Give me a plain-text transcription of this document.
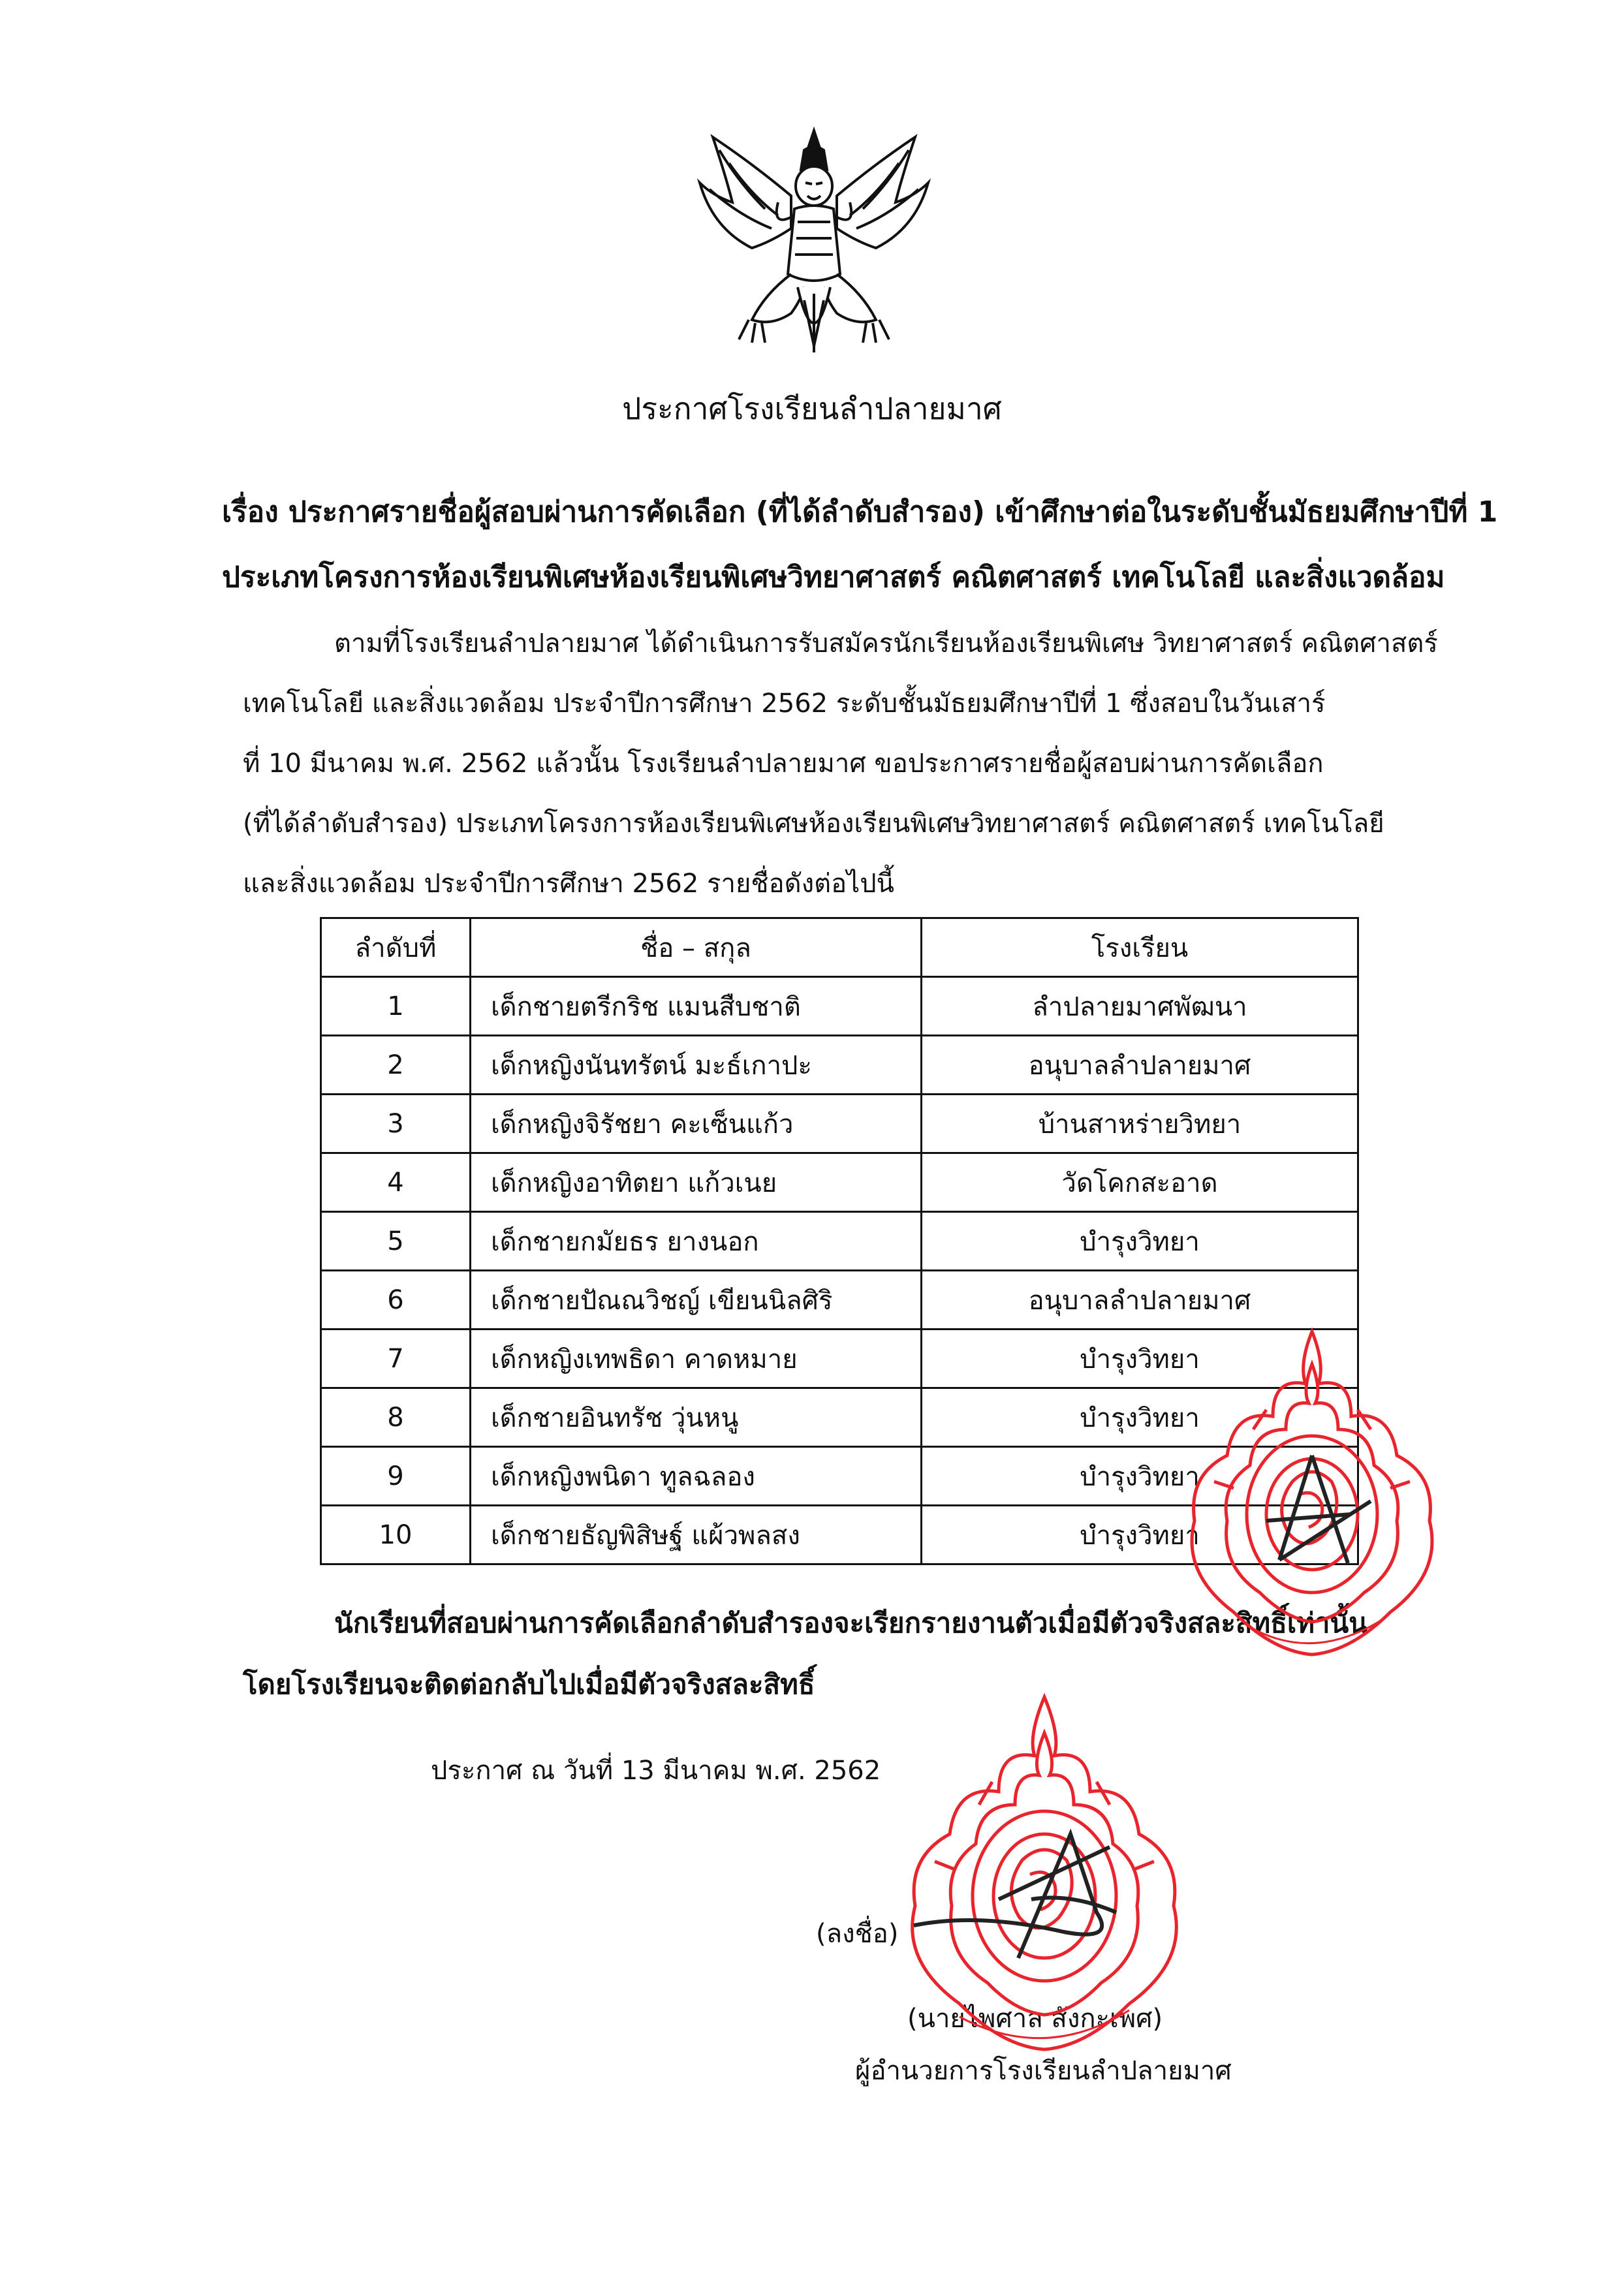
ประกาศโรงเรียนลำปลายมาศ
เรื่อง ประกาศรายชื่อผู้สอบผ่านการคัดเลือก (ที่ได้ลำดับสำรอง) เข้าศึกษาต่อในระดับชั้นมัธยมศึกษาปีที่ 1
ประเภทโครงการห้องเรียนพิเศษห้องเรียนพิเศษวิทยาศาสตร์ คณิตศาสตร์ เทคโนโลยี และสิ่งแวดล้อม
ตามที่โรงเรียนลำปลายมาศ ได้ดำเนินการรับสมัครนักเรียนห้องเรียนพิเศษ วิทยาศาสตร์ คณิตศาสตร์
เทคโนโลยี และสิ่งแวดล้อม ประจำปีการศึกษา 2562 ระดับชั้นมัธยมศึกษาปีที่ 1 ซึ่งสอบในวันเสาร์
ที่ 10 มีนาคม พ.ศ. 2562 แล้วนั้น โรงเรียนลำปลายมาศ ขอประกาศรายชื่อผู้สอบผ่านการคัดเลือก
(ที่ได้ลำดับสำรอง) ประเภทโครงการห้องเรียนพิเศษห้องเรียนพิเศษวิทยาศาสตร์ คณิตศาสตร์ เทคโนโลยี
และสิ่งแวดล้อม ประจำปีการศึกษา 2562 รายชื่อดังต่อไปนี้
ลำดับที่	ชื่อ – สกุล	โรงเรียน
1	เด็กชายตรีกริช แมนสืบชาติ	ลำปลายมาศพัฒนา
2	เด็กหญิงนันทรัตน์ มะธ์เกาปะ	อนุบาลลำปลายมาศ
3	เด็กหญิงจิรัชยา คะเซ็นแก้ว	บ้านสาหร่ายวิทยา
4	เด็กหญิงอาทิตยา แก้วเนย	วัดโคกสะอาด
5	เด็กชายกมัยธร ยางนอก	บำรุงวิทยา
6	เด็กชายปัณณวิชญ์ เขียนนิลศิริ	อนุบาลลำปลายมาศ
7	เด็กหญิงเทพธิดา คาดหมาย	บำรุงวิทยา
8	เด็กชายอินทรัช วุ่นหนู	บำรุงวิทยา
9	เด็กหญิงพนิดา ทูลฉลอง	บำรุงวิทยา
10	เด็กชายธัญพิสิษฐ์ แผ้วพลสง	บำรุงวิทยา
นักเรียนที่สอบผ่านการคัดเลือกลำดับสำรองจะเรียกรายงานตัวเมื่อมีตัวจริงสละสิทธิ์เท่านั้น
โดยโรงเรียนจะติดต่อกลับไปเมื่อมีตัวจริงสละสิทธิ์
ประกาศ ณ วันที่ 13 มีนาคม พ.ศ. 2562
(ลงชื่อ)
(นายไพศาล สังกะเพศ)
ผู้อำนวยการโรงเรียนลำปลายมาศ
